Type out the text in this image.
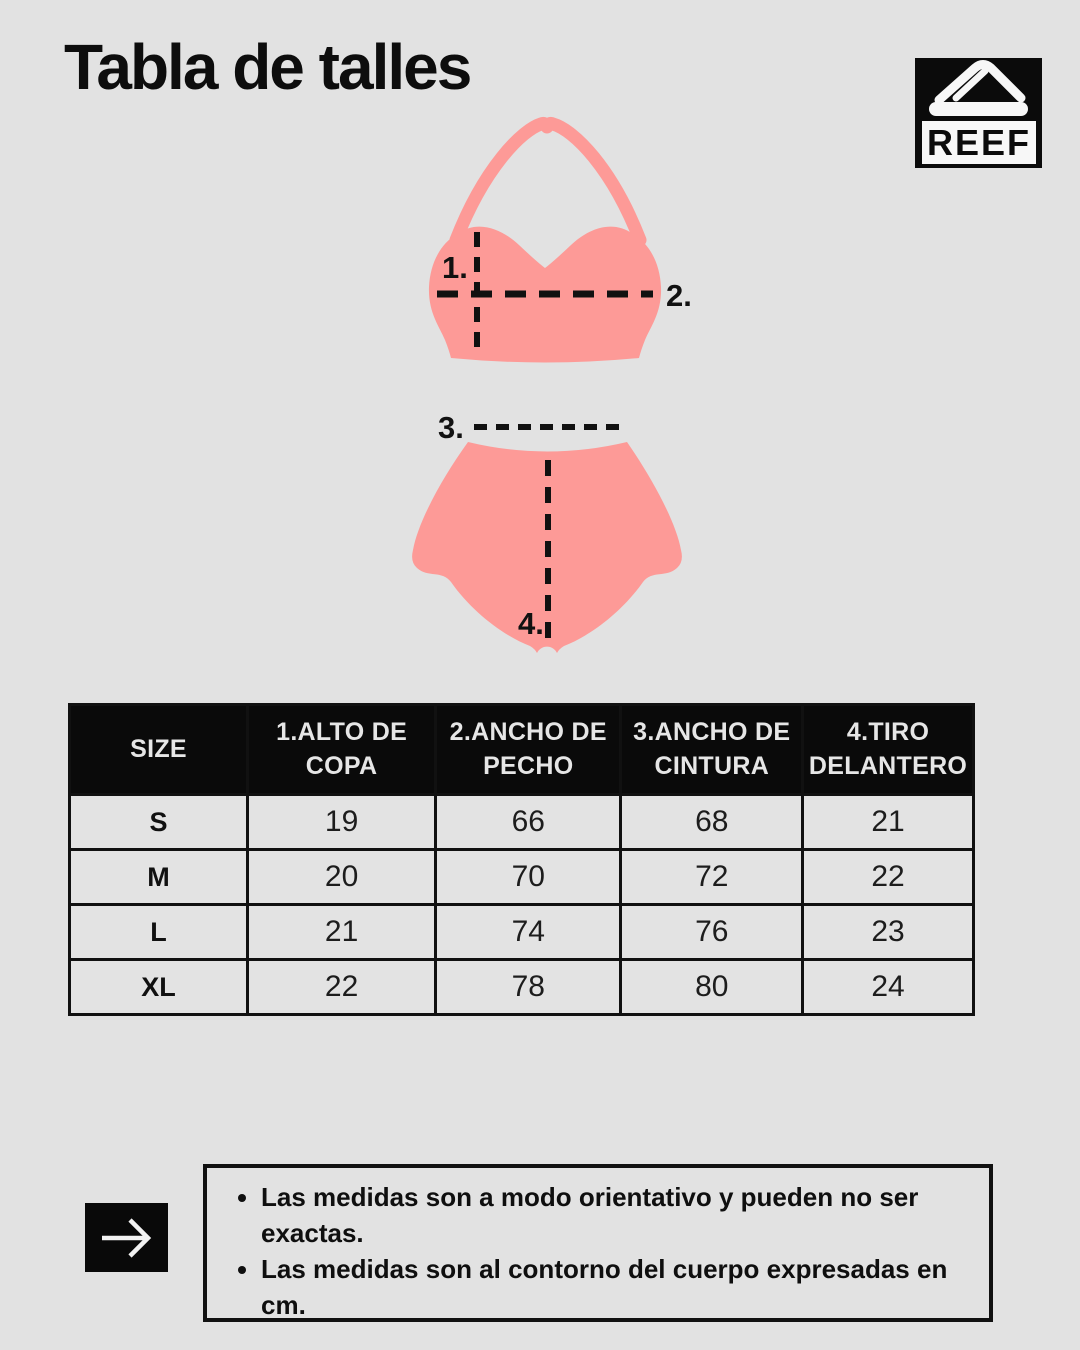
Tabla de talles
REEF
1.
2.
3.
4.
SIZE	1.ALTO DE COPA	2.ANCHO DE PECHO	3.ANCHO DE CINTURA	4.TIRO DELANTERO
S	19	66	68	21
M	20	70	72	22
L	21	74	76	23
XL	22	78	80	24
• Las medidas son a modo orientativo y pueden no ser exactas.
• Las medidas son al contorno del cuerpo expresadas en cm.
